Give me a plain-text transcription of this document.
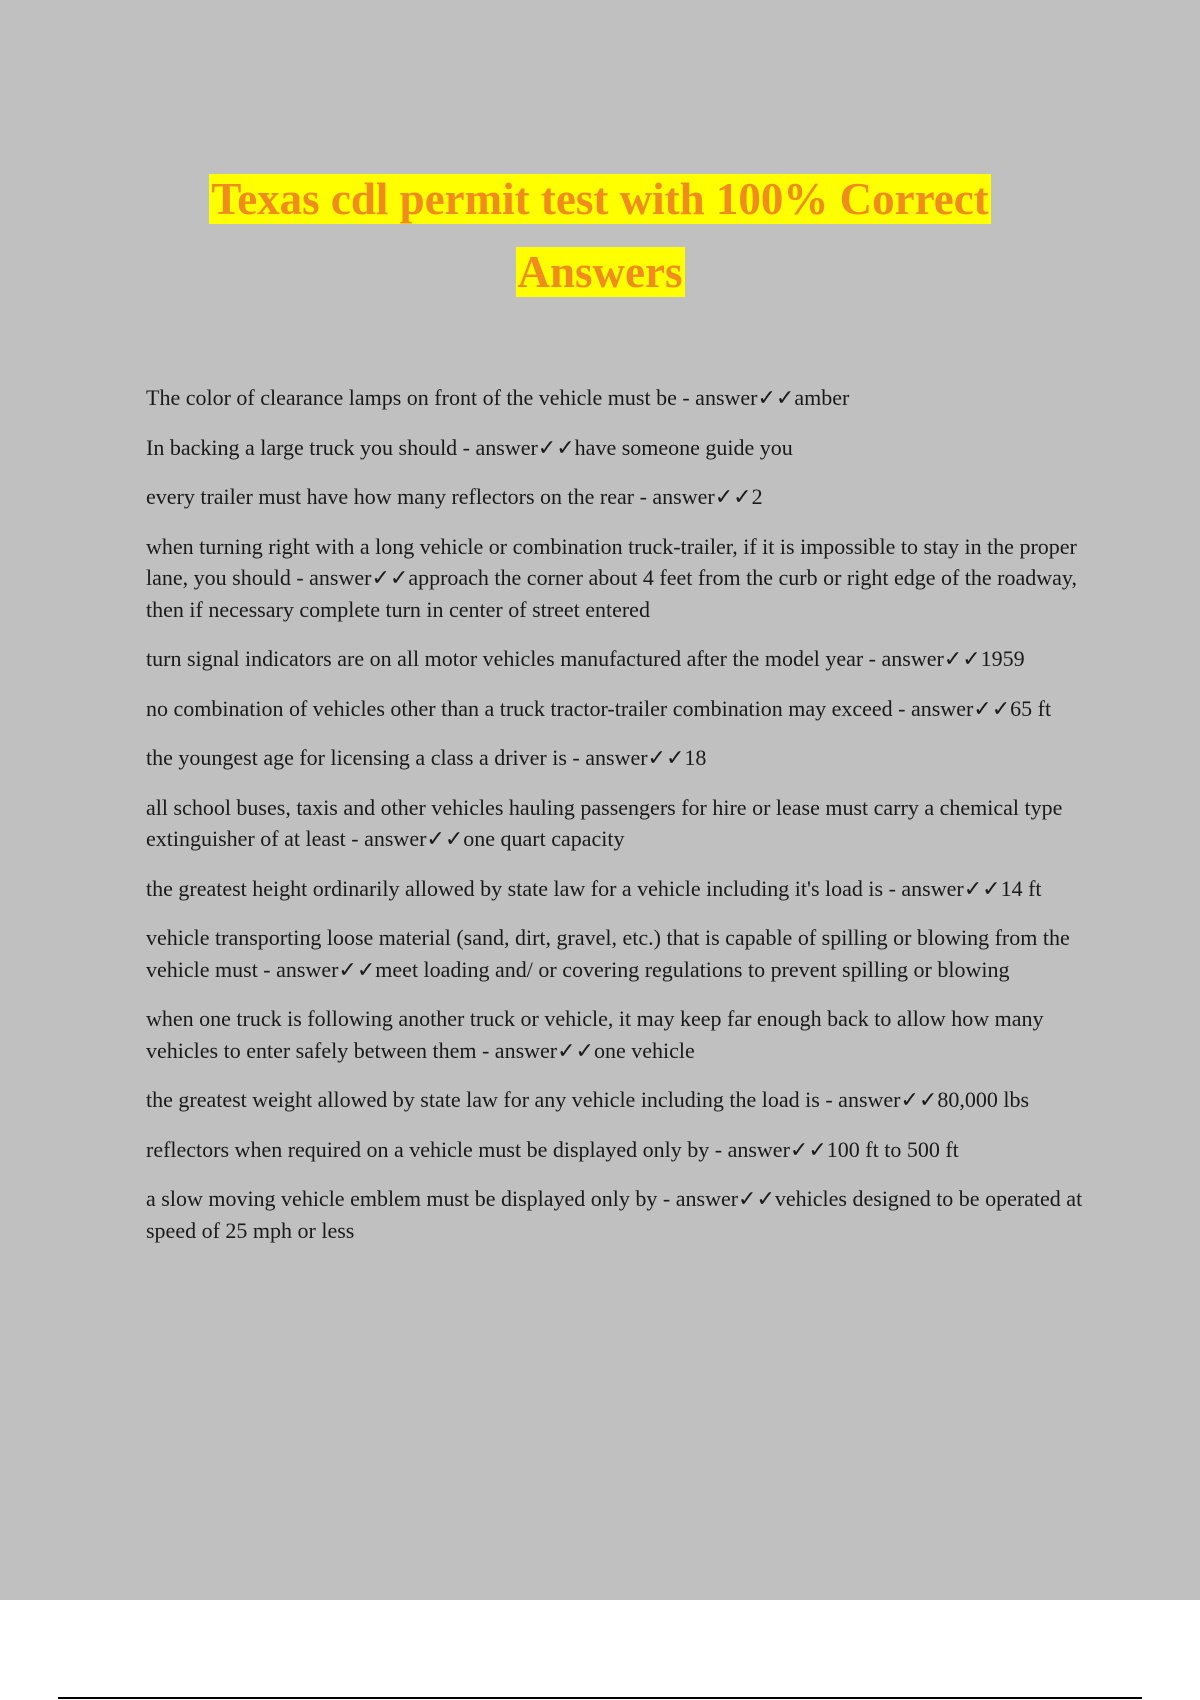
Texas cdl permit test with 100% Correct
Answers

The color of clearance lamps on front of the vehicle must be - answer✓✓amber

In backing a large truck you should - answer✓✓have someone guide you

every trailer must have how many reflectors on the rear - answer✓✓2

when turning right with a long vehicle or combination truck-trailer, if it is impossible to stay in the proper lane, you should - answer✓✓approach the corner about 4 feet from the curb or right edge of the roadway, then if necessary complete turn in center of street entered

turn signal indicators are on all motor vehicles manufactured after the model year - answer✓✓1959

no combination of vehicles other than a truck tractor-trailer combination may exceed - answer✓✓65 ft

the youngest age for licensing a class a driver is - answer✓✓18

all school buses, taxis and other vehicles hauling passengers for hire or lease must carry a chemical type extinguisher of at least - answer✓✓one quart capacity

the greatest height ordinarily allowed by state law for a vehicle including it's load is - answer✓✓14 ft

vehicle transporting loose material (sand, dirt, gravel, etc.) that is capable of spilling or blowing from the vehicle must - answer✓✓meet loading and/ or covering regulations to prevent spilling or blowing

when one truck is following another truck or vehicle, it may keep far enough back to allow how many vehicles to enter safely between them - answer✓✓one vehicle

the greatest weight allowed by state law for any vehicle including the load is - answer✓✓80,000 lbs

reflectors when required on a vehicle must be displayed only by - answer✓✓100 ft to 500 ft

a slow moving vehicle emblem must be displayed only by - answer✓✓vehicles designed to be operated at speed of 25 mph or less
